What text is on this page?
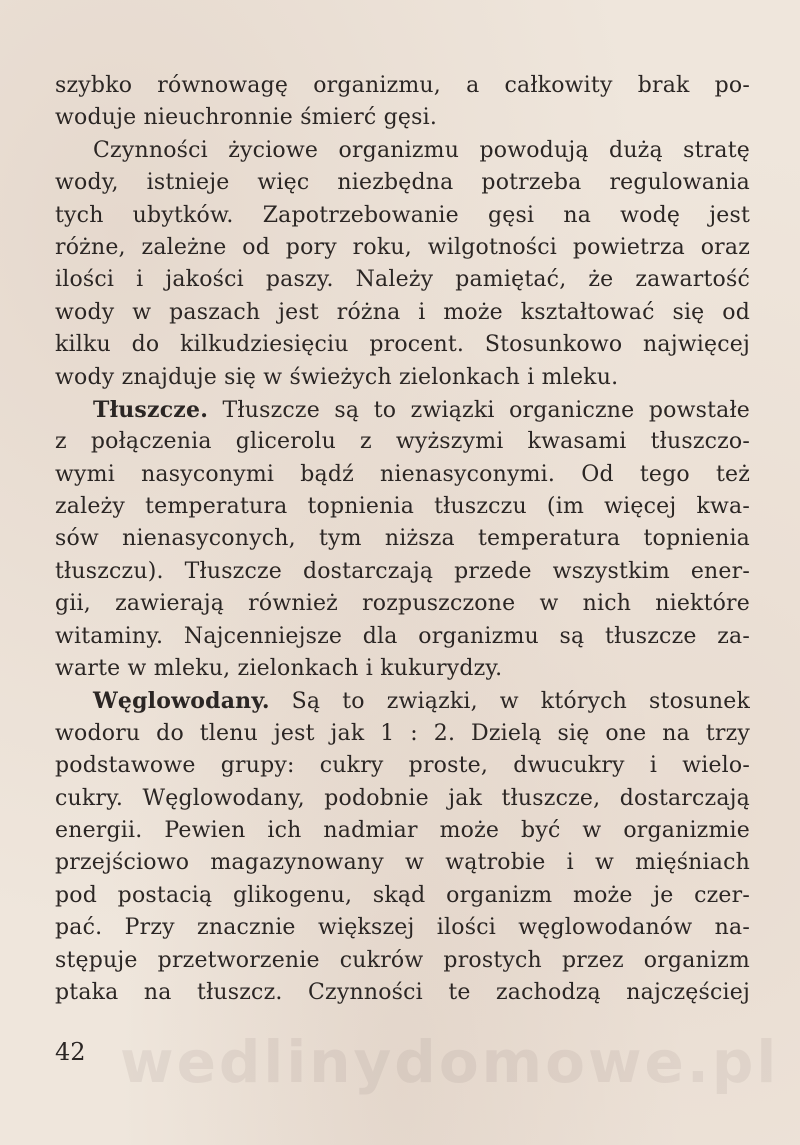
szybko równowagę organizmu, a całkowity brak po-
woduje nieuchronnie śmierć gęsi.
Czynności życiowe organizmu powodują dużą stratę
wody, istnieje więc niezbędna potrzeba regulowania
tych ubytków. Zapotrzebowanie gęsi na wodę jest
różne, zależne od pory roku, wilgotności powietrza oraz
ilości i jakości paszy. Należy pamiętać, że zawartość
wody w paszach jest różna i może kształtować się od
kilku do kilkudziesięciu procent. Stosunkowo najwięcej
wody znajduje się w świeżych zielonkach i mleku.
Tłuszcze. Tłuszcze są to związki organiczne powstałe
z połączenia glicerolu z wyższymi kwasami tłuszczo-
wymi nasyconymi bądź nienasyconymi. Od tego też
zależy temperatura topnienia tłuszczu (im więcej kwa-
sów nienasyconych, tym niższa temperatura topnienia
tłuszczu). Tłuszcze dostarczają przede wszystkim ener-
gii, zawierają również rozpuszczone w nich niektóre
witaminy. Najcenniejsze dla organizmu są tłuszcze za-
warte w mleku, zielonkach i kukurydzy.
Węglowodany. Są to związki, w których stosunek
wodoru do tlenu jest jak 1 : 2. Dzielą się one na trzy
podstawowe grupy: cukry proste, dwucukry i wielo-
cukry. Węglowodany, podobnie jak tłuszcze, dostarczają
energii. Pewien ich nadmiar może być w organizmie
przejściowo magazynowany w wątrobie i w mięśniach
pod postacią glikogenu, skąd organizm może je czer-
pać. Przy znacznie większej ilości węglowodanów na-
stępuje przetworzenie cukrów prostych przez organizm
ptaka na tłuszcz. Czynności te zachodzą najczęściej
wedlinydomowe.pl
42
